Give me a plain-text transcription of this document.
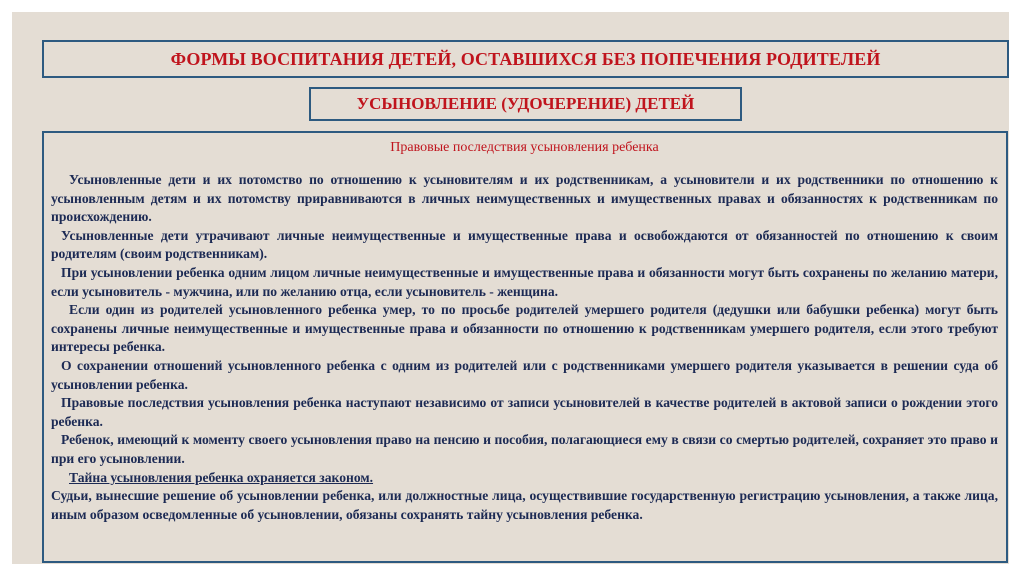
ФОРМЫ ВОСПИТАНИЯ ДЕТЕЙ, ОСТАВШИХСЯ БЕЗ ПОПЕЧЕНИЯ РОДИТЕЛЕЙ
УСЫНОВЛЕНИЕ (УДОЧЕРЕНИЕ) ДЕТЕЙ

Правовые последствия усыновления ребенка

Усыновленные дети и их потомство по отношению к усыновителям и их родственникам, а усыновители и их родственники по отношению к усыновленным детям и их потомству приравниваются в личных неимущественных и имущественных правах и обязанностях к родственникам по происхождению.

Усыновленные дети утрачивают личные неимущественные и имущественные права и освобождаются от обязанностей по отношению к своим родителям (своим родственникам).

При усыновлении ребенка одним лицом личные неимущественные и имущественные права и обязанности могут быть сохранены по желанию матери, если усыновитель - мужчина, или по желанию отца, если усыновитель - женщина.

Если один из родителей усыновленного ребенка умер, то по просьбе родителей умершего родителя (дедушки или бабушки ребенка) могут быть сохранены личные неимущественные и имущественные права и обязанности по отношению к родственникам умершего родителя, если этого требуют интересы ребенка.

О сохранении отношений усыновленного ребенка с одним из родителей или с родственниками умершего родителя указывается в решении суда об усыновлении ребенка.

Правовые последствия усыновления ребенка наступают независимо от записи усыновителей в качестве родителей в актовой записи о рождении этого ребенка.

Ребенок, имеющий к моменту своего усыновления право на пенсию и пособия, полагающиеся ему в связи со смертью родителей, сохраняет это право и при его усыновлении.

Тайна усыновления ребенка охраняется законом.

Судьи, вынесшие решение об усыновлении ребенка, или должностные лица, осуществившие государственную регистрацию усыновления, а также лица, иным образом осведомленные об усыновлении, обязаны сохранять тайну усыновления ребенка.
